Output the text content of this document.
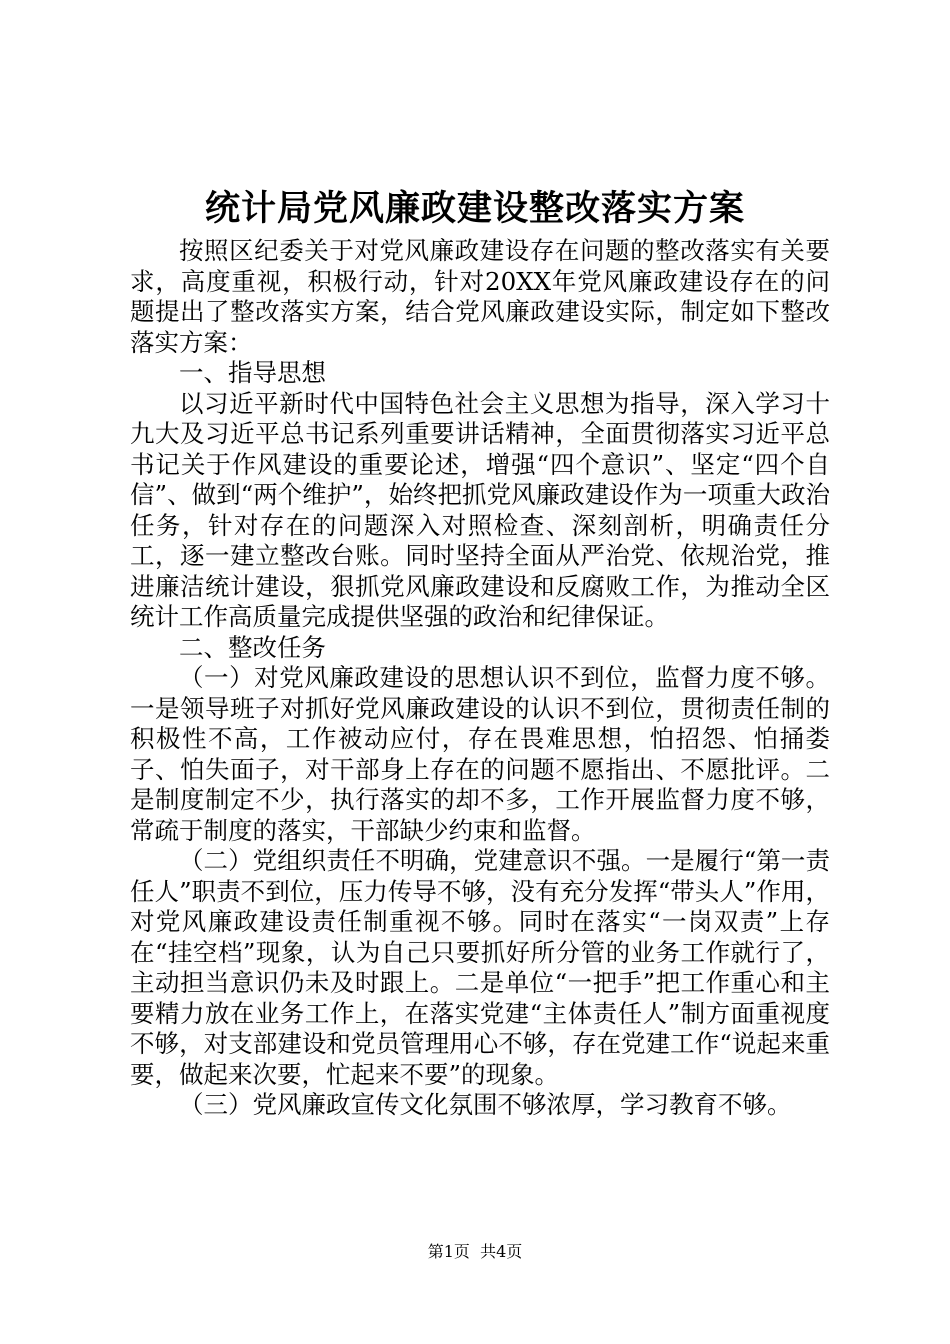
统计局党风廉政建设整改落实方案

按照区纪委关于对党风廉政建设存在问题的整改落实有关要求，高度重视，积极行动，针对20XX年党风廉政建设存在的问题提出了整改落实方案，结合党风廉政建设实际，制定如下整改落实方案：

一、指导思想

以习近平新时代中国特色社会主义思想为指导，深入学习十九大及习近平总书记系列重要讲话精神，全面贯彻落实习近平总书记关于作风建设的重要论述，增强“四个意识”、坚定“四个自信”、做到“两个维护”，始终把抓党风廉政建设作为一项重大政治任务，针对存在的问题深入对照检查、深刻剖析，明确责任分工，逐一建立整改台账。同时坚持全面从严治党、依规治党，推进廉洁统计建设，狠抓党风廉政建设和反腐败工作，为推动全区统计工作高质量完成提供坚强的政治和纪律保证。

二、整改任务

（一）对党风廉政建设的思想认识不到位，监督力度不够。一是领导班子对抓好党风廉政建设的认识不到位，贯彻责任制的积极性不高，工作被动应付，存在畏难思想，怕招怨、怕捅娄子、怕失面子，对干部身上存在的问题不愿指出、不愿批评。二是制度制定不少，执行落实的却不多，工作开展监督力度不够，常疏于制度的落实，干部缺少约束和监督。

（二）党组织责任不明确，党建意识不强。一是履行“第一责任人”职责不到位，压力传导不够，没有充分发挥“带头人”作用，对党风廉政建设责任制重视不够。同时在落实“一岗双责”上存在“挂空档”现象，认为自己只要抓好所分管的业务工作就行了，主动担当意识仍未及时跟上。二是单位“一把手”把工作重心和主要精力放在业务工作上，在落实党建“主体责任人”制方面重视度不够，对支部建设和党员管理用心不够，存在党建工作“说起来重要，做起来次要，忙起来不要”的现象。

（三）党风廉政宣传文化氛围不够浓厚，学习教育不够。

第1页  共4页
